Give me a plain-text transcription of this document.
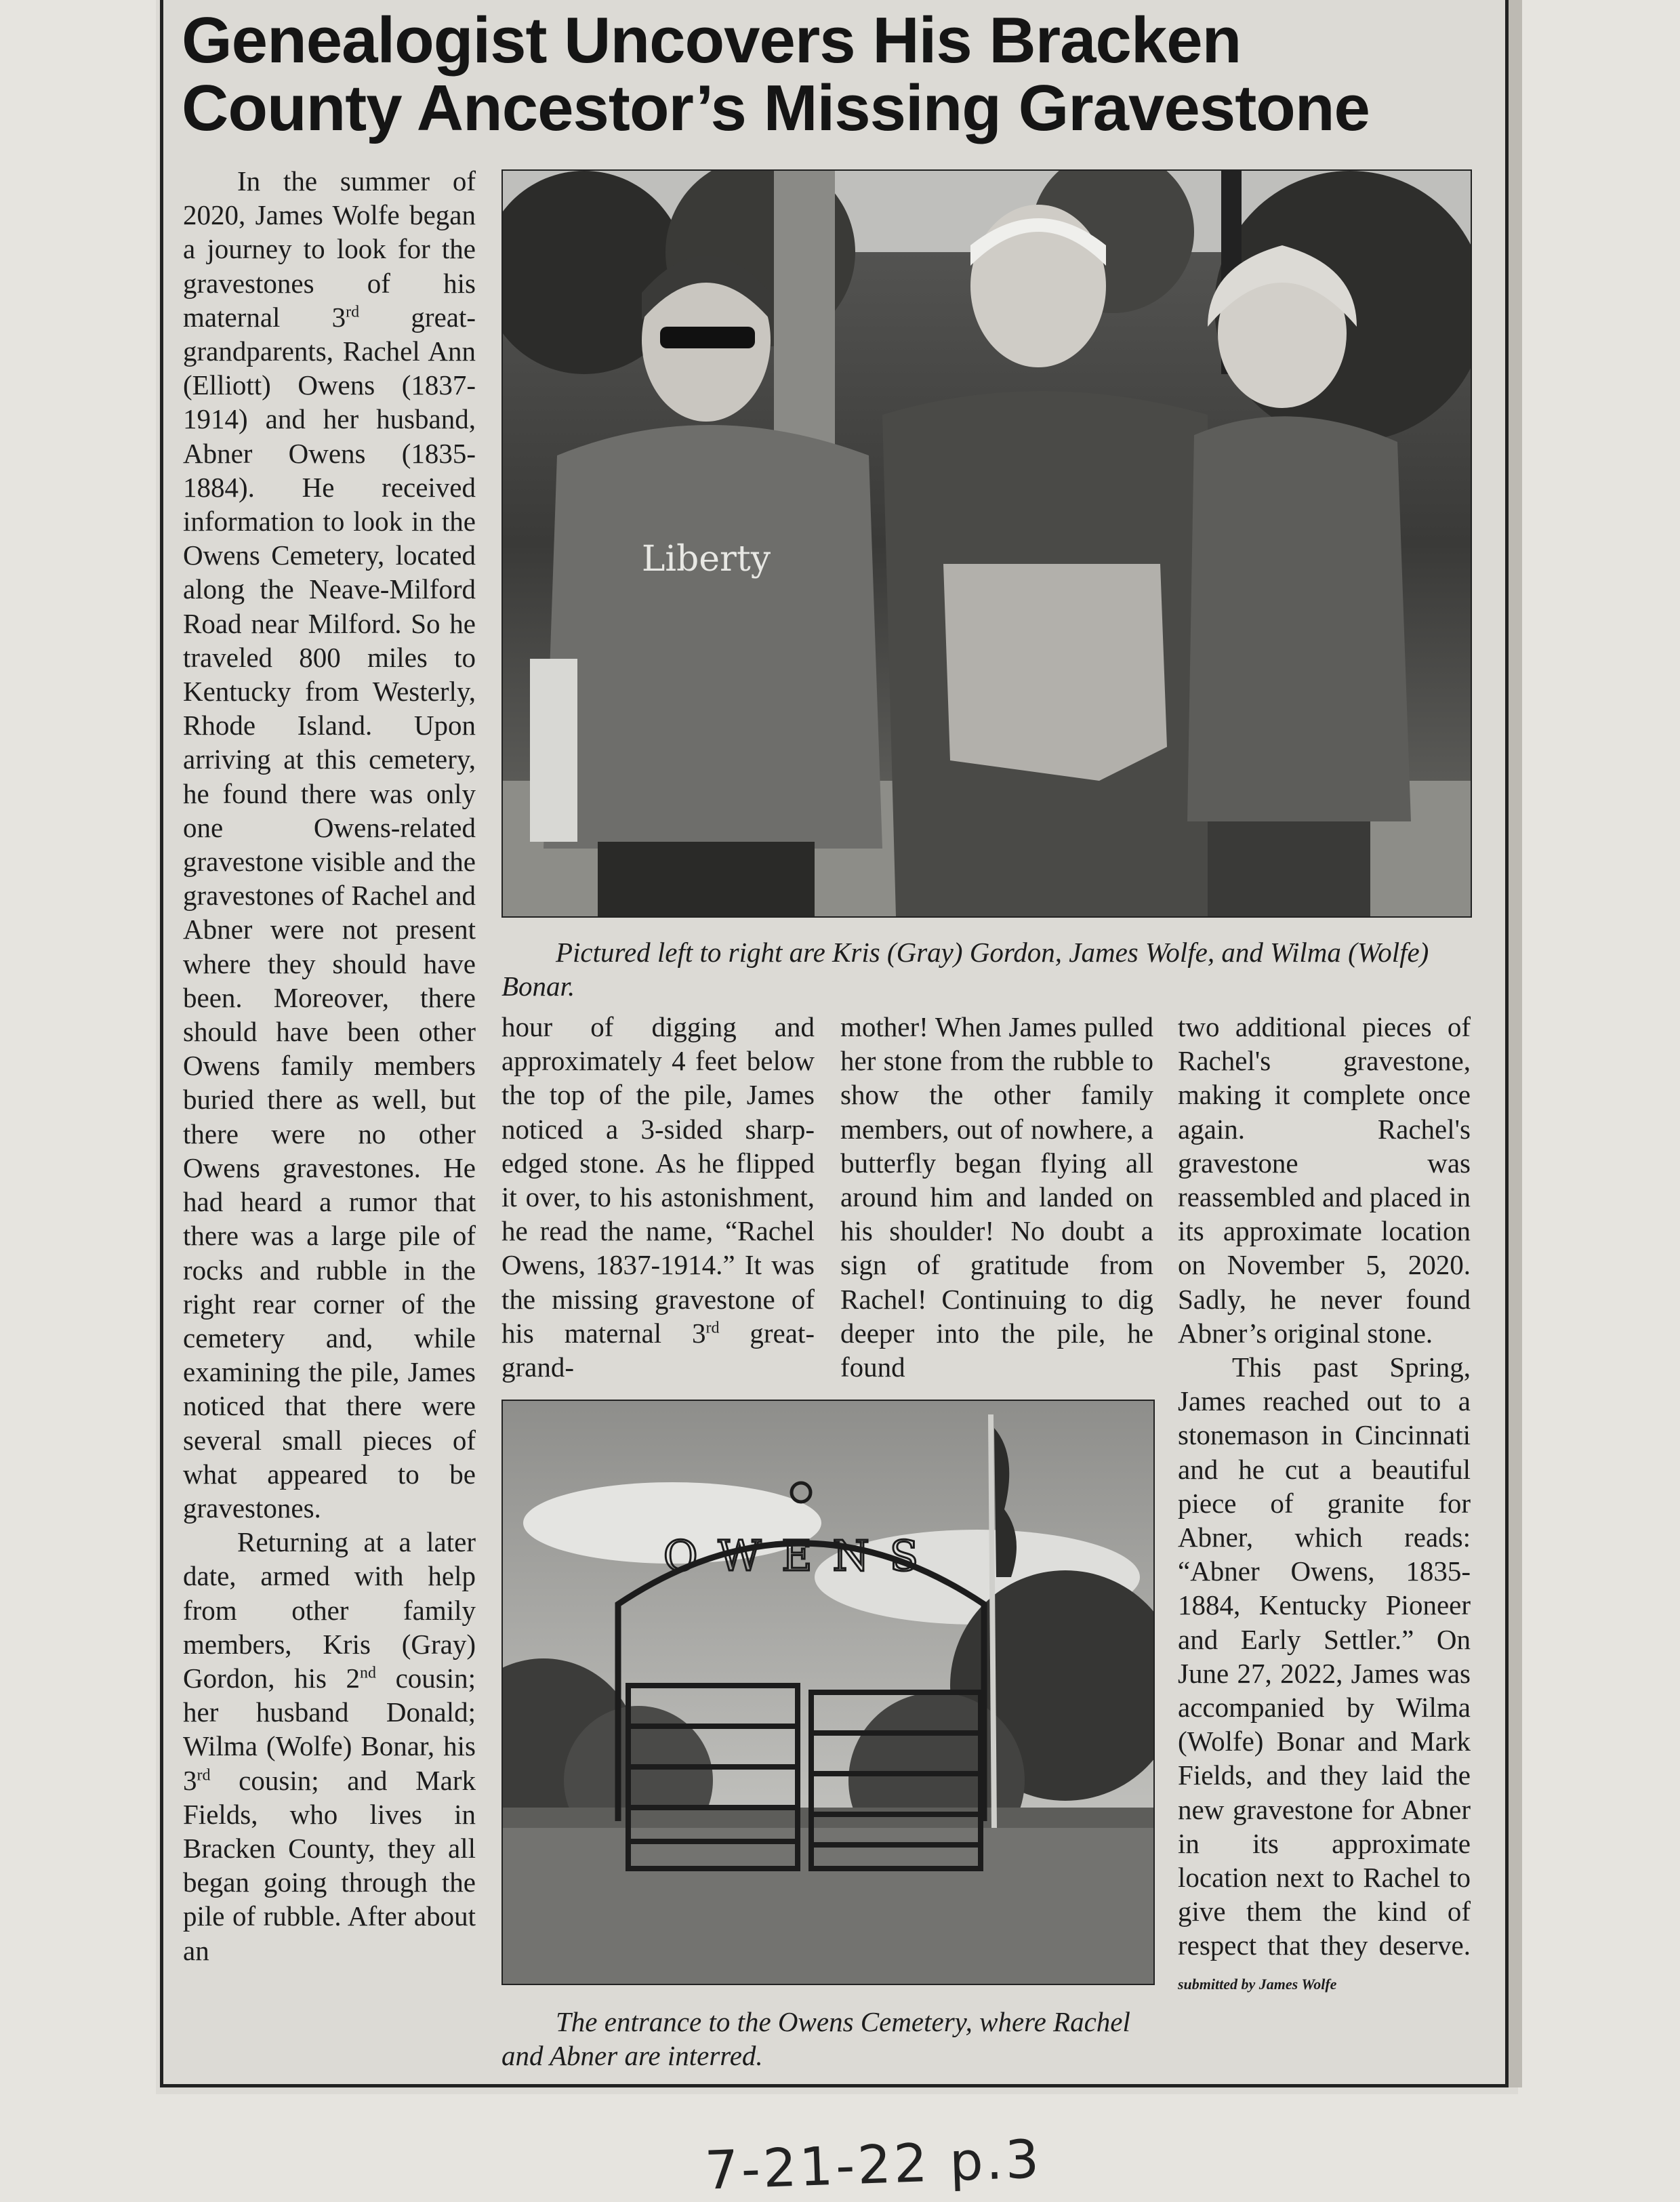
Genealogist Uncovers His Bracken
County Ancestor’s Missing Gravestone

In the summer of 2020, James Wolfe began a journey to look for the gravestones of his maternal 3rd great-grandparents, Rachel Ann (Elliott) Owens (1837-1914) and her husband, Abner Owens (1835-1884). He received information to look in the Owens Cemetery, located along the Neave-Milford Road near Milford. So he traveled 800 miles to Kentucky from Westerly, Rhode Island. Upon arriving at this cemetery, he found there was only one Owens-related gravestone visible and the gravestones of Rachel and Abner were not present where they should have been. Moreover, there should have been other Owens family members buried there as well, but there were no other Owens gravestones. He had heard a rumor that there was a large pile of rocks and rubble in the right rear corner of the cemetery and, while examining the pile, James noticed that there were several small pieces of what appeared to be gravestones.

Returning at a later date, armed with help from other family members, Kris (Gray) Gordon, his 2nd cousin; her husband Donald; Wilma (Wolfe) Bonar, his 3rd cousin; and Mark Fields, who lives in Bracken County, they all began going through the pile of rubble. After about an

Liberty
Pictured left to right are Kris (Gray) Gordon, James Wolfe, and Wilma (Wolfe) Bonar.

hour of digging and approximately 4 feet below the top of the pile, James noticed a 3-sided sharp-edged stone. As he flipped it over, to his astonishment, he read the name, “Rachel Owens, 1837-1914.” It was the missing gravestone of his maternal 3rd great-grand-

mother! When James pulled her stone from the rubble to show the other family members, out of nowhere, a butterfly began flying all around him and landed on his shoulder! No doubt a sign of gratitude from Rachel! Continuing to dig deeper into the pile, he found

two additional pieces of Rachel's gravestone, making it complete once again. Rachel's gravestone was reassembled and placed in its approximate location on November 5, 2020. Sadly, he never found Abner’s original stone.

This past Spring, James reached out to a stonemason in Cincinnati and he cut a beautiful piece of granite for Abner, which reads: “Abner Owens, 1835-1884, Kentucky Pioneer and Early Settler.” On June 27, 2022, James was accompanied by Wilma (Wolfe) Bonar and Mark Fields, and they laid the new gravestone for Abner in its approximate location next to Rachel to give them the kind of respect that they deserve. submitted by James Wolfe

OWENS
The entrance to the Owens Cemetery, where Rachel and Abner are interred.
7-21-22 p.3
